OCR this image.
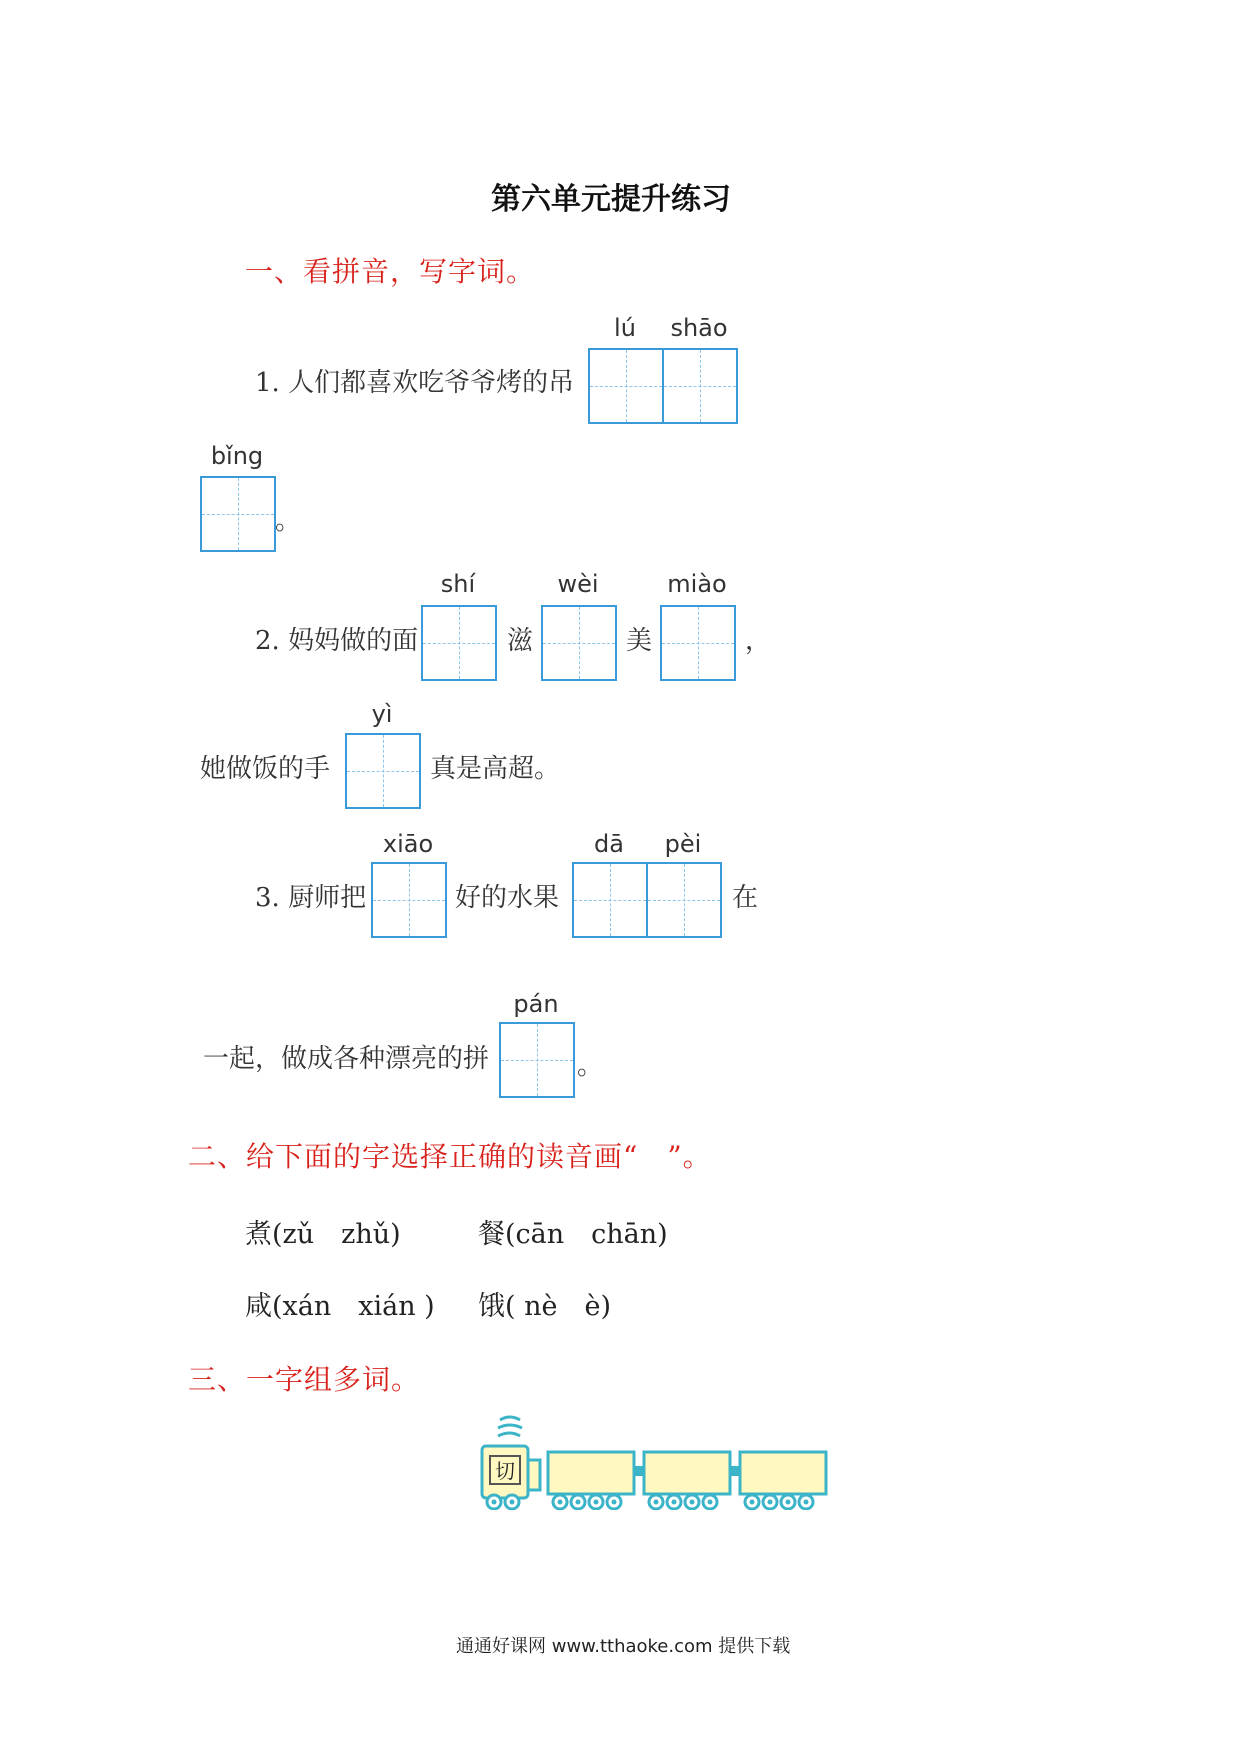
第六单元提升练习
一、看拼音，写字词。
lú	shāo
1. 人们都喜欢吃爷爷烤的吊
bǐng
。
shí	wèi	miào
2. 妈妈做的面	滋	美	，
yì
她做饭的手	真是高超。
xiāo	dā	pèi
3. 厨师把	好的水果	在
pán
一起，做成各种漂亮的拼	。
二、给下面的字选择正确的读音画“　”。
煮(zǔ　zhǔ)	餐(cān　chān)
咸(xán　xián ) 饿( nè　è)
三、一字组多词。
切
通通好课网 www.tthaoke.com 提供下载
